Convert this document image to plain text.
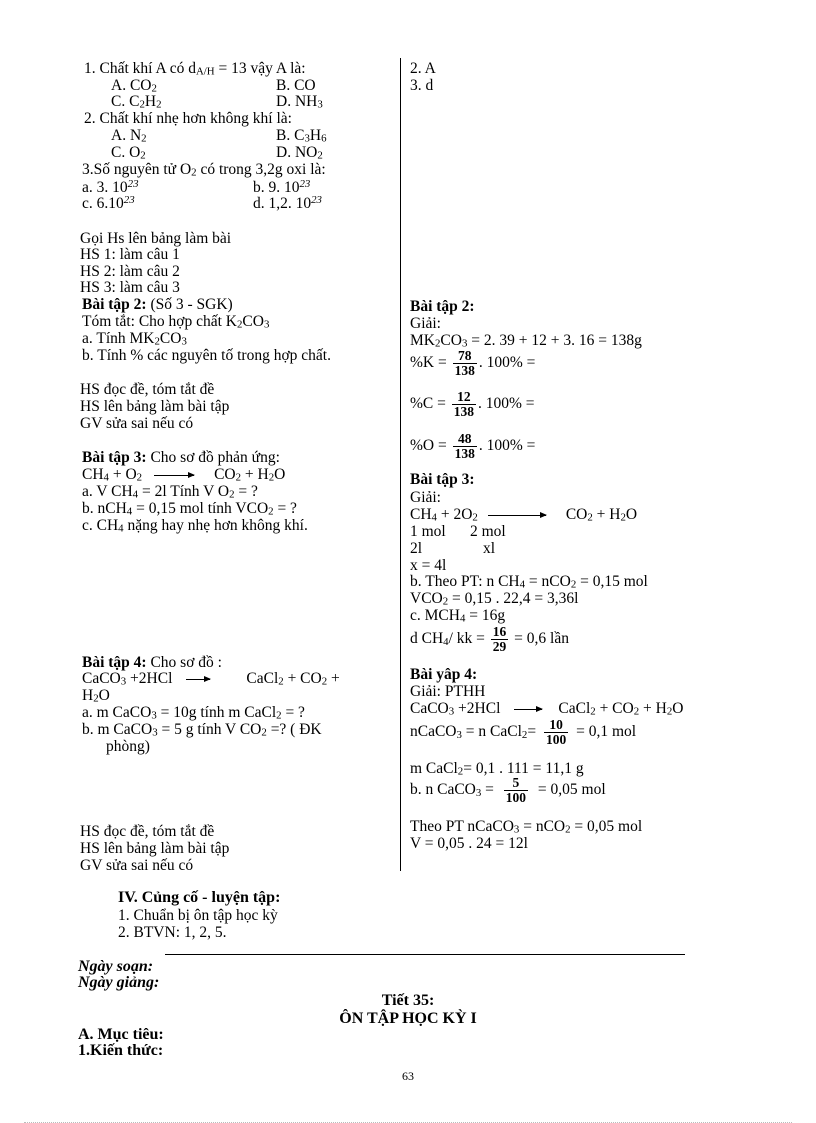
1. Chất khí A có $d_{A/H} = 13$ vậy A là:
A. $CO_2$	B. CO
C. $C_2H_2$	D. $NH_3$
2. Chất khí nhẹ hơn không khí là:
A. $N_2$	B. $C_3H_6$
C. $O_2$	D. $NO_2$
3.Số nguyên tử $O_2$ có trong 3,2g oxi là:
a. 3. $10^{23}$	b. 9. $10^{23}$
c. 6.10$^{23}$	d. 1,2. $10^{23}$
Gọi Hs lên bảng làm bài
HS 1: làm câu 1
HS 2: làm câu 2
HS 3: làm câu 3
Bài tập 2: (Số 3 - SGK)
Tóm tắt: Cho hợp chất $K_2CO_3$
a. Tính $MK_2CO_3$
b. Tính % các nguyên tố trong hợp chất.
HS đọc đề, tóm tắt đề
HS lên bảng làm bài tập
GV sửa sai nếu có
Bài tập 3: Cho sơ đồ phản ứng:
$CH_4 + O_2 \to CO_2 + H_2O$
a. V $CH_4 = 2l$ Tính V $O_2$ = ?
b. nCH$_4$ = 0,15 mol tính $VCO_2$ = ?
c. $CH_4$ nặng hay nhẹ hơn không khí.
Bài tập 4: Cho sơ đồ :
CaCO$_3$ +2HCl → CaCl$_2$ + $CO_2$ +
$H_2O$
a. m CaCO$_3$ = 10g tính m CaCl$_2$ = ?
b. m CaCO$_3$ = 5 g tính V $CO_2$ =? ( ĐK
phòng)
HS đọc đề, tóm tắt đề
HS lên bảng làm bài tập
GV sửa sai nếu có
2. A
3. d
Bài tập 2:
Giải:
$MK_2CO_3 = 2$. 39 + 12 + 3. 16 = 138g
$\%K = \frac{78}{138}$ . 100% =
$\%C = \frac{12}{138}$ . 100% =
$\%O = \frac{48}{138}$ . 100% =
Bài tập 3:
Giải:
$CH_4 + 2O_2 \to CO_2 + H_2O$
1 mol 2 mol
2l	xl
x = 4l
b. Theo PT: n $CH_4 = nCO_2 = 0,15$ mol
$VCO_2 = 0,15$ . 22,4 = 3,36l
c. $MCH_4 = 16g$
d $CH_4/$ kk = $\frac{16}{29} = 0,6$ lần
Bài yâp 4:
Giải: PTHH
CaCO$_3$ +2HCl → CaCl$_2$ + $CO_2 + H_2O$
nCaCO$_3$ = n CaCl$_2$= $\frac{10}{100} = 0,1$ mol
m CaCl$_2$= 0,1 . 111 = 11,1 g
b. n CaCO$_3$ = $\frac{5}{100} = 0,05$ mol
Theo PT nCaCO$_3$ = nCO$_2$ = 0,05 mol
V = 0,05 . 24 = 12l
IV. Củng cố - luyện tập:
1. Chuẩn bị ôn tập học kỳ
2. BTVN: 1, 2, 5.
Ngày soạn:
Ngày giảng:
Tiết 35:
ÔN TẬP HỌC KỲ I
A. Mục tiêu:
1.Kiến thức:
63
